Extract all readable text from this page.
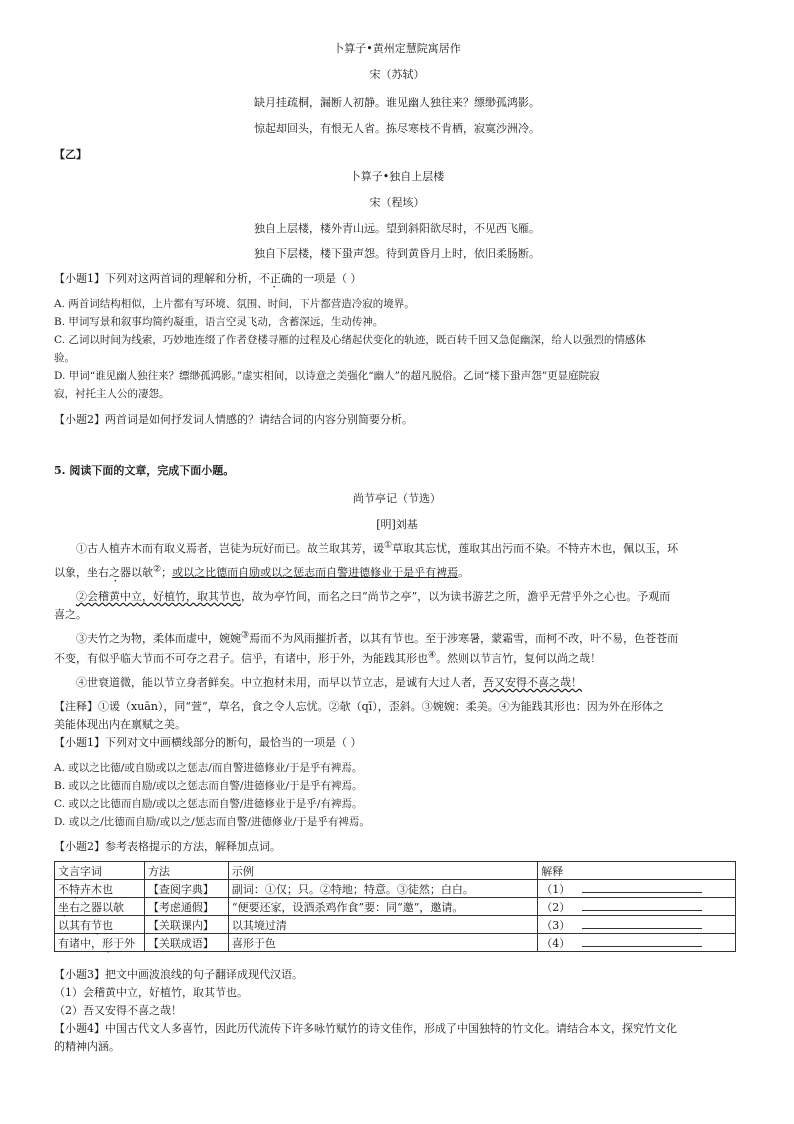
卜算子•黄州定慧院寓居作
宋（苏轼）
缺月挂疏桐，漏断人初静。谁见幽人独往来？缥缈孤鸿影。
惊起却回头，有恨无人省。拣尽寒枝不肯栖，寂寞沙洲冷。
【乙】
卜算子•独自上层楼
宋（程垓）
独自上层楼，楼外青山远。望到斜阳欲尽时，不见西飞雁。
独自下层楼，楼下蛩声怨。待到黄昏月上时，依旧柔肠断。
【小题1】下列对这两首词的理解和分析，不正确的一项是（ ）
A. 两首词结构相似，上片都有写环境、氛围、时间，下片都营造冷寂的境界。
B. 甲词写景和叙事均简约凝重，语言空灵飞动，含蓄深远，生动传神。
C. 乙词以时间为线索，巧妙地连缀了作者登楼寻雁的过程及心绪起伏变化的轨迹，既百转千回又急促幽深，给人以强烈的情感体
验。
D. 甲词“谁见幽人独往来？缥缈孤鸿影。”虚实相间，以诗意之美强化“幽人”的超凡脱俗。乙词“楼下蛩声怨”更显庭院寂
寂，衬托主人公的凄怨。
【小题2】两首词是如何抒发词人情感的？请结合词的内容分别简要分析。
5. 阅读下面的文章，完成下面小题。
尚节亭记（节选）
[明]刘基
①古人植卉木而有取义焉者，岂徒为玩好而已。故兰取其芳，谖①草取其忘忧，莲取其出污而不染。不特卉木也，佩以玉，环
以象，坐右之器以欹 ·②；或以之比德而自励或以之惩志而自警进德修业于是乎有裨焉。
②会稽黄中立，好植竹，取其节也，故为亭竹间，而名之曰“尚节之亭”，以为读书游艺之所，澹乎无营乎外之心也。予观而
喜之。
③夫竹之为物，柔体而虚中，婉婉③焉而不为风雨摧折者，以其有节也。至于涉寒暑，蒙霜雪，而柯不改，叶不易，色苍苍而
不变，有似乎临大节而不可夺之君子。信乎，有诸中，形于外，为能践其形也④。然则以节言竹，复何以尚之哉！
④世衰道微，能以节立身者鲜矣。中立抱材未用，而早以节立志，是诚有大过人者，吾又安得不喜之哉！
【注释】①谖（xuān），同“萱”，草名，食之令人忘忧。②欹（qī），歪斜。③婉婉：柔美。④为能践其形也：因为外在形体之
美能体现出内在禀赋之美。
【小题1】下列对文中画横线部分的断句，最恰当的一项是（ ）
A. 或以之比德/或自励或以之惩志/而自警进德修业/于是乎有裨焉。
B. 或以之比德而自励/或以之惩志而自警/进德修业/于是乎有裨焉。
C. 或以之比德而自励/或以之惩志而自警/进德修业于是乎/有裨焉。
D. 或以之/比德而自励/或以之/惩志而自警/进德修业/于是乎有裨焉。
【小题2】参考表格提示的方法，解释加点词。
文言字词	方法	示例	解释
不特卉木也	【查阅字典】	副词：①仅；只。②特地；特意。③徒然；白白。	（1）
坐右之器以欹	【考虑通假】	“便要还家，设酒杀鸡作食”要：同“邀”，邀请。	（2）
以其有节也	【关联课内】	以其境过清	（3）
有诸中，形于外	【关联成语】	喜形于色	（4）
【小题3】把文中画波浪线的句子翻译成现代汉语。
（1）会稽黄中立，好植竹，取其节也。
（2）吾又安得不喜之哉！
【小题4】中国古代文人多喜竹，因此历代流传下许多咏竹赋竹的诗文佳作，形成了中国独特的竹文化。请结合本文，探究竹文化
的精神内涵。
